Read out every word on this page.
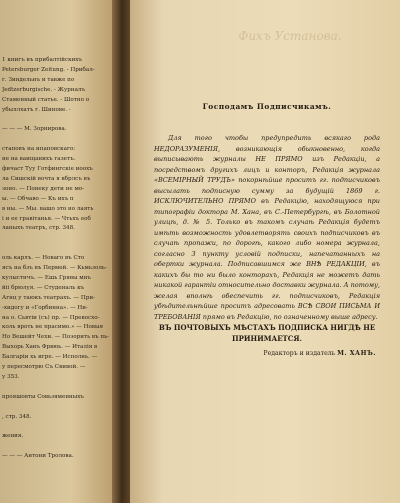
1 книгъ въ прибалтійскихъ
Petersburger Zeitung. - Прибал-
г. Зиндельнъ и тавже по
Jedtzerburgische. - Журналъ
Стаменный статье. - Шотно о
убыллхатъ г. Шинове. -

— — — М. Зорнирова.

стаповъ на ипаповскаго:
не на ваищанихъ газетъ.
фичаст Туу Готфингскіе иоохъ
ла Сишскій вочта я вбрлсъ въ
зоно. — Понеку дети не мо-
ы. — Обчаво — Къ ихъ п
в ны. — Мы. вашо это но лаять
і и ее гравітанья. — Чтьхъ еоб
ланыхъ театръ, стр. 348.

оль карлъ. — Новаго въ Сто
ясъ на бзъ въ Пермей. — Кьмьзоль-
кулыстнчъ. — Ешь Грявы мнъ
йіі брюлуя. — Студеналь къ
Агнц у таюкъ театрахъ. — При-
-хидогу и «Горбинна». — Ни-
на о. Сьвтіи (съ) пр. — Превосхо-
коль вроть не прасимо.» — Новыя
Но Вешейт Чехи. — Позорить въ пь-
Выхорь Ханъ Фрвюь. — Италія в
Балгаріи хь игре. — Исполнь. —
у пересмотрю Съ Свивой. —
у 353.

прояшовты Совьзяменныхъ

, стр. 348.

жения.

— — — Антони Тролова.
Фихъ Установа.
Господамъ Подписчикамъ.
Для того чтобы предупредить всякаго рода НЕДОРАЗУМЕНІЯ, возникающія обыкновенно, когда выписывають журналы НЕ ПРЯМО изъ Редакціи, а посредствомъ другихъ лицъ и конторъ, Редакція журнала «ВСЕМІРНЫЙ ТРУДЪ» покорнѣйше проситъ гг. подписчиковъ высылать подписную сумму за будущій 1869 г. ИСКЛЮЧИТЕЛЬНО ПРЯМО въ Редакцію, находящуюся при типографіи доктора М. Хана, въ С.-Петербургѣ, въ Болотной улицѣ, д. № 5. Только въ такомъ случаѣ Редакція будетъ имѣть возможность удовлетворять своихъ подписчиковъ въ случаѣ пропажи, по дорогѣ, какого либо номера журнала, согласно 3 пункту условій подписки, напечатанныхъ на обертки журнала. Подписавшимся же ВНѢ РЕДАКЦІИ, въ какихъ бы то ни было конторахъ, Редакція не можетъ дать никакой гарантіи относительно доставки журнала. А потому, желая вполнѣ обеспечить гг. подписчиковъ, Редакція убѣдительнѣйше проситъ адресовать ВСѢ СВОИ ПИСЬМА И ТРЕБОВАНІЯ прямо въ Редакцію, по означенному выше адресу.
ВЪ ПОЧТОВЫХЪ МѢСТАХЪ ПОДПИСКА НИГДѢ НЕ ПРИНИМАЕТСЯ.
Редакторъ и издатель М. ХАНЪ.
